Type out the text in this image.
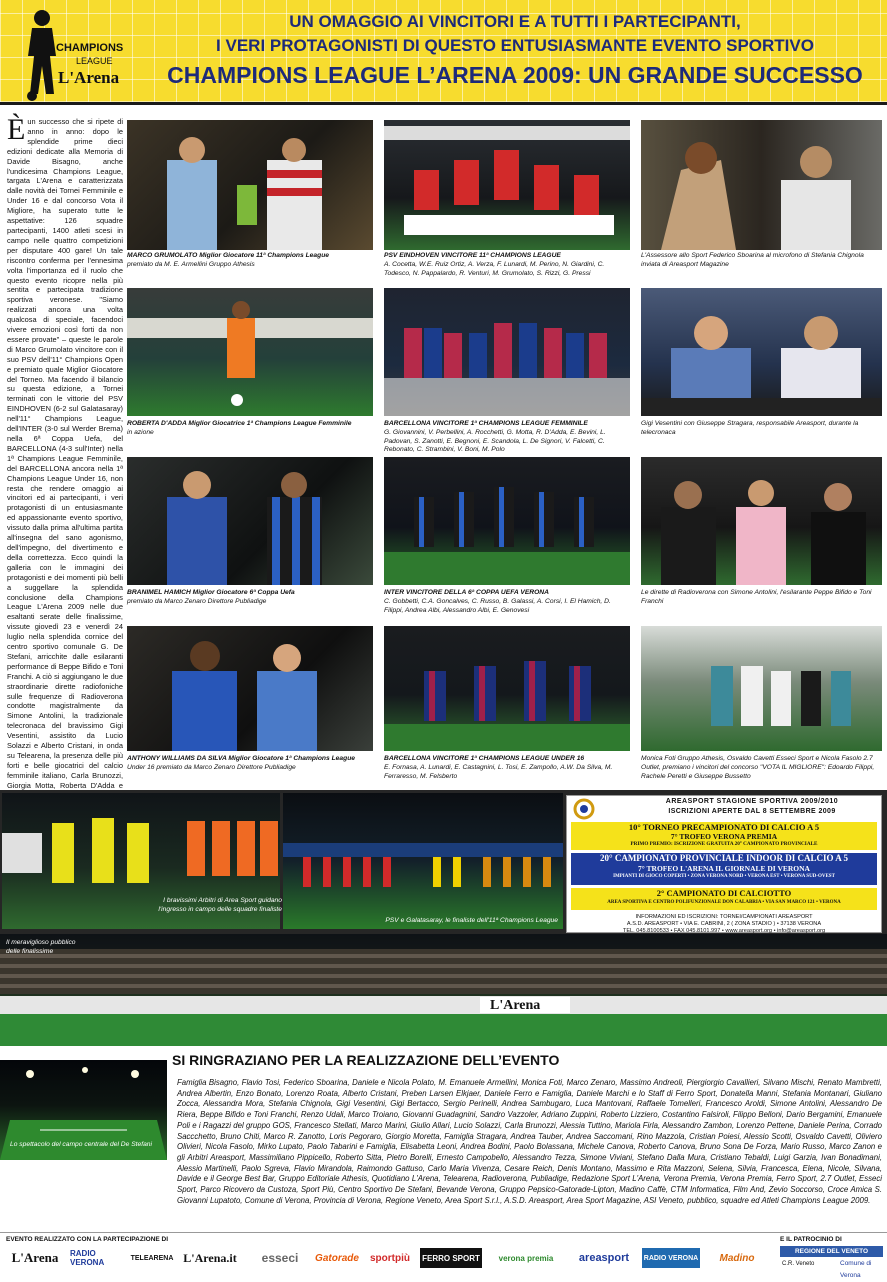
CHAMPIONS
LEAGUE
L'Arena
UN OMAGGIO AI VINCITORI E A TUTTI I PARTECIPANTI,
I VERI PROTAGONISTI DI QUESTO ENTUSIASMANTE EVENTO SPORTIVO
CHAMPIONS LEAGUE L’ARENA 2009: UN GRANDE SUCCESSO
È un successo che si ripete di anno in anno: dopo le splendide prime dieci edizioni dedicate alla Memoria di Davide Bisagno, anche l'undicesima Champions League, targata L'Arena e caratterizzata dalle novità dei Tornei Femminile e Under 16 e dal concorso Vota il Migliore, ha superato tutte le aspettative: 126 squadre partecipanti, 1400 atleti scesi in campo nelle quattro competizioni per disputare 400 gare! Un tale riscontro conferma per l'ennesima volta l'importanza ed il ruolo che questo evento ricopre nella più sentita e partecipata tradizione sportiva veronese. "Siamo realizzati ancora una volta qualcosa di speciale, facendoci vivere emozioni così forti da non essere provate" – queste le parole di Marco Grumolato vincitore con il suo PSV dell'11° Champions Open e premiato quale Miglior Giocatore del Torneo. Ma facendo il bilancio su questa edizione, a Tornei terminati con le vittorie del PSV EINDHOVEN (6-2 sul Galatasaray) nell'11° Champions League, dell'INTER (3-0 sul Werder Brema) nella 6ª Coppa Uefa, del BARCELLONA (4-3 sull'Inter) nella 1ª Champions League Femminile, del BARCELLONA ancora nella 1ª Champions League Under 16, non resta che rendere omaggio ai vincitori ed ai partecipanti, i veri protagonisti di un entusiasmante ed appassionante evento sportivo, vissuto dalla prima all'ultima partita all'insegna del sano agonismo, dell'impegno, del divertimento e della correttezza. Ecco quindi la galleria con le immagini dei protagonisti e dei momenti più belli a suggellare la splendida conclusione della Champions League L'Arena 2009 nelle due esaltanti serate delle finalissime, vissute giovedì 23 e venerdì 24 luglio nella splendida cornice del centro sportivo comunale G. De Stefani, arricchite dalle esilaranti performance di Beppe Bifido e Toni Franchi. A ciò si aggiungano le due straordinarie dirette radiofoniche sulle frequenze di Radioverona condotte magistralmente da Simone Antolini, la tradizionale telecronaca del bravissimo Gigi Vesentini, assistito da Lucio Solazzi e Alberto Cristani, in onda su Telearena, la presenza delle più forti e belle giocatrici del calcio femminile italiano, Carla Brunozzi, Giorgia Motta, Roberta D'Adda e
MARCO GRUMOLATO Miglior Giocatore 11ª Champions League
premiato da M. E. Armellini Gruppo Athesis
PSV EINDHOVEN VINCITORE 11ª CHAMPIONS LEAGUE
A. Cocetta, W.E. Ruiz Ortiz, A. Verza, F. Lunardi, M. Perino, N. Giardini, C. Todesco, N. Pappalardo, R. Venturi, M. Grumolato, S. Rizzi, G. Pressi
L'Assessore allo Sport Federico Sboarina al microfono di Stefania Chignola inviata di Areasport Magazine
ROBERTA D'ADDA Miglior Giocatrice 1ª Champions League Femminile
in azione
BARCELLONA VINCITORE 1ª CHAMPIONS LEAGUE FEMMINILE
G. Giovannini, V. Perbellini, A. Rocchetti, G. Motta, R. D'Adda, E. Bevini, L. Padovan, S. Zanotti, E. Begnoni, E. Scandola, L. De Signori, V. Falcetti, C. Rebonato, C. Strambini, V. Boni, M. Polo
Gigi Vesentini con Giuseppe Stragara, responsabile Areasport, durante la telecronaca
BRANIMEL HAMICH Miglior Giocatore 6ª Coppa Uefa
premiato da Marco Zenaro Direttore Publiadige
INTER VINCITORE DELLA 6ª COPPA UEFA VERONA
C. Gobbetti, C.A. Goncalves, C. Russo, B. Galassi, A. Corsi, I. El Hamich, D. Filippi, Andrea Albi, Alessandro Albi, E. Genovesi
Le dirette di Radioverona con Simone Antolini, l'esilarante Peppe Bifido e Toni Franchi
ANTHONY WILLIAMS DA SILVA Miglior Giocatore 1ª Champions League
Under 16 premiato da Marco Zenaro Direttore Publiadige
BARCELLONA VINCITORE 1ª CHAMPIONS LEAGUE UNDER 16
E. Fornasa, A. Lunardi, E. Castagnini, L. Tosi, E. Zampollo, A.W. Da Silva, M. Ferraresso, M. Felsberto
Monica Foti Gruppo Athesis, Osvaldo Cavetti Esseci Sport e Nicola Fasolo 2.7 Outlet, premiano i vincitori del concorso "VOTA IL MIGLIORE": Edoardo Filippi, Rachele Peretti e Giuseppe Bussetto
I bravissimi Arbitri di Area Sport guidano l'ingresso in campo delle squadre finaliste
PSV e Galatasaray, le finaliste dell'11ª Champions League
AREASPORT STAGIONE SPORTIVA 2009/2010
ISCRIZIONI APERTE DAL 8 SETTEMBRE 2009
10° TORNEO PRECAMPIONATO DI CALCIO A 5
7° TROFEO VERONA PREMIA
PRIMO PREMIO: ISCRIZIONE GRATUITA 20° CAMPIONATO PROVINCIALE
20° CAMPIONATO PROVINCIALE INDOOR DI CALCIO A 5
7° TROFEO L'ARENA IL GIORNALE DI VERONA
IMPIANTI DI GIOCO COPERTI • ZONA VERONA NORD • VERONA EST • VERONA SUD-OVEST
2° CAMPIONATO DI CALCIOTTO
AREA SPORTIVA E CENTRO POLIFUNZIONALE DON CALABRIA • VIA SAN MARCO 121 • VERONA
INFORMAZIONI ED ISCRIZIONI: TORNEI/CAMPIONATI AREASPORT
A.S.D. AREASPORT • VIA E. CABRINI, 2 ( ZONA STADIO ) • 37138 VERONA
TEL. 045.8100533 • FAX 045.8101.997 • www.areasport.org • info@areasport.org
L'Arena
Il meraviglioso pubblico delle finalissime
Lo spettacolo del campo centrale del De Stefani
SI RINGRAZIANO PER LA REALIZZAZIONE DELL’EVENTO
Famiglia Bisagno, Flavio Tosi, Federico Sboarina, Daniele e Nicola Polato, M. Emanuele Armellini, Monica Foti, Marco Zenaro, Massimo Andreoli, Piergiorgio Cavallieri, Silvano Mischi, Renato Mambretti, Andrea Albertin, Enzo Bonato, Lorenzo Roata, Alberto Cristani, Preben Larsen Elkjaer, Daniele Ferro e Famiglia, Daniele Marchi e lo Staff di Ferro Sport, Donatella Manni, Stefania Montanari, Giuliano Zocca, Alessandra Mora, Stefania Chignola, Gigi Vesentini, Gigi Bertacco, Sergio Perinelli, Andrea Sambugaro, Luca Mantovani, Raffaele Tomelleri, Francesco Aroldi, Simone Antolini, Alessandro De Riera, Beppe Bifido e Toni Franchi, Renzo Udali, Marco Troiano, Giovanni Guadagnini, Sandro Vazzoler, Adriano Zuppini, Roberto Lizziero, Costantino Falsiroli, Filippo Belloni, Dario Bergamini, Emanuele Poli e i Ragazzi del gruppo GOS, Francesco Stellati, Marco Marini, Giulio Allari, Lucio Solazzi, Carla Brunozzi, Alessia Tuttino, Mariola Firla, Alessandro Zambon, Lorenzo Pettene, Daniele Perina, Corrado Saccchetto, Bruno Chiti, Marco R. Zanotto, Loris Pegoraro, Giorgio Moretta, Famiglia Stragara, Andrea Tauber, Andrea Saccomani, Rino Mazzola, Cristian Poiesi, Alessio Scotti, Osvaldo Cavetti, Oliviero Olivieri, Nicola Fasolo, Mirko Lupato, Paolo Tabarini e Famiglia, Elisabetta Leoni, Andrea Bodini, Paolo Bolassana, Michele Canova, Roberto Canova, Bruno Sona De Forza, Mario Russo, Marco Zanon e gli Arbitri Areasport, Massimiliano Pippicello, Roberto Sitta, Pietro Borelli, Ernesto Campobello, Alessandro Tezza, Simone Viviani, Stefano Dalla Mura, Cristiano Tebaldi, Luigi Garzia, Ivan Bonadimani, Alessio Martinelli, Paolo Sgreva, Flavio Mirandola, Raimondo Gattuso, Carlo Maria Vivenza, Cesare Reich, Denis Montano, Massimo e Rita Mazzoni, Selena, Silvia, Francesca, Elena, Nicole, Silvana, Davide e il George Best Bar, Gruppo Editoriale Athesis, Quotidiano L'Arena, Telearena, Radioverona, Publiadige, Redazione Sport L'Arena, Verona Premia, Verona Premia, Ferro Sport, 2.7 Outlet, Esseci Sport, Parco Ricovero da Custoza, Sport Più, Centro Sportivo De Stefani, Bevande Verona, Gruppo Pepsico-Gatorade-Lipton, Madino Caffè, CTM Informatica, Film And, Zevio Soccorso, Croce Amica S. Giovanni Lupatoto, Comune di Verona, Provincia di Verona, Regione Veneto, Area Sport S.r.l., A.S.D. Areasport, Area Sport Magazine, ASI Veneto, pubblico, squadre ed Atleti Champions League 2009.
EVENTO REALIZZATO CON LA PARTECIPAZIONE DI	E IL PATROCINIO DI
L'Arena	RADIO VERONA	TELEARENA L'Arena.it	esseci	Gatorade	sportpiù	FERRO SPORT	verona premia	areasport	RADIO VERONA	Madino
REGIONE DEL VENETO
Comune di Verona
C.R. Veneto
